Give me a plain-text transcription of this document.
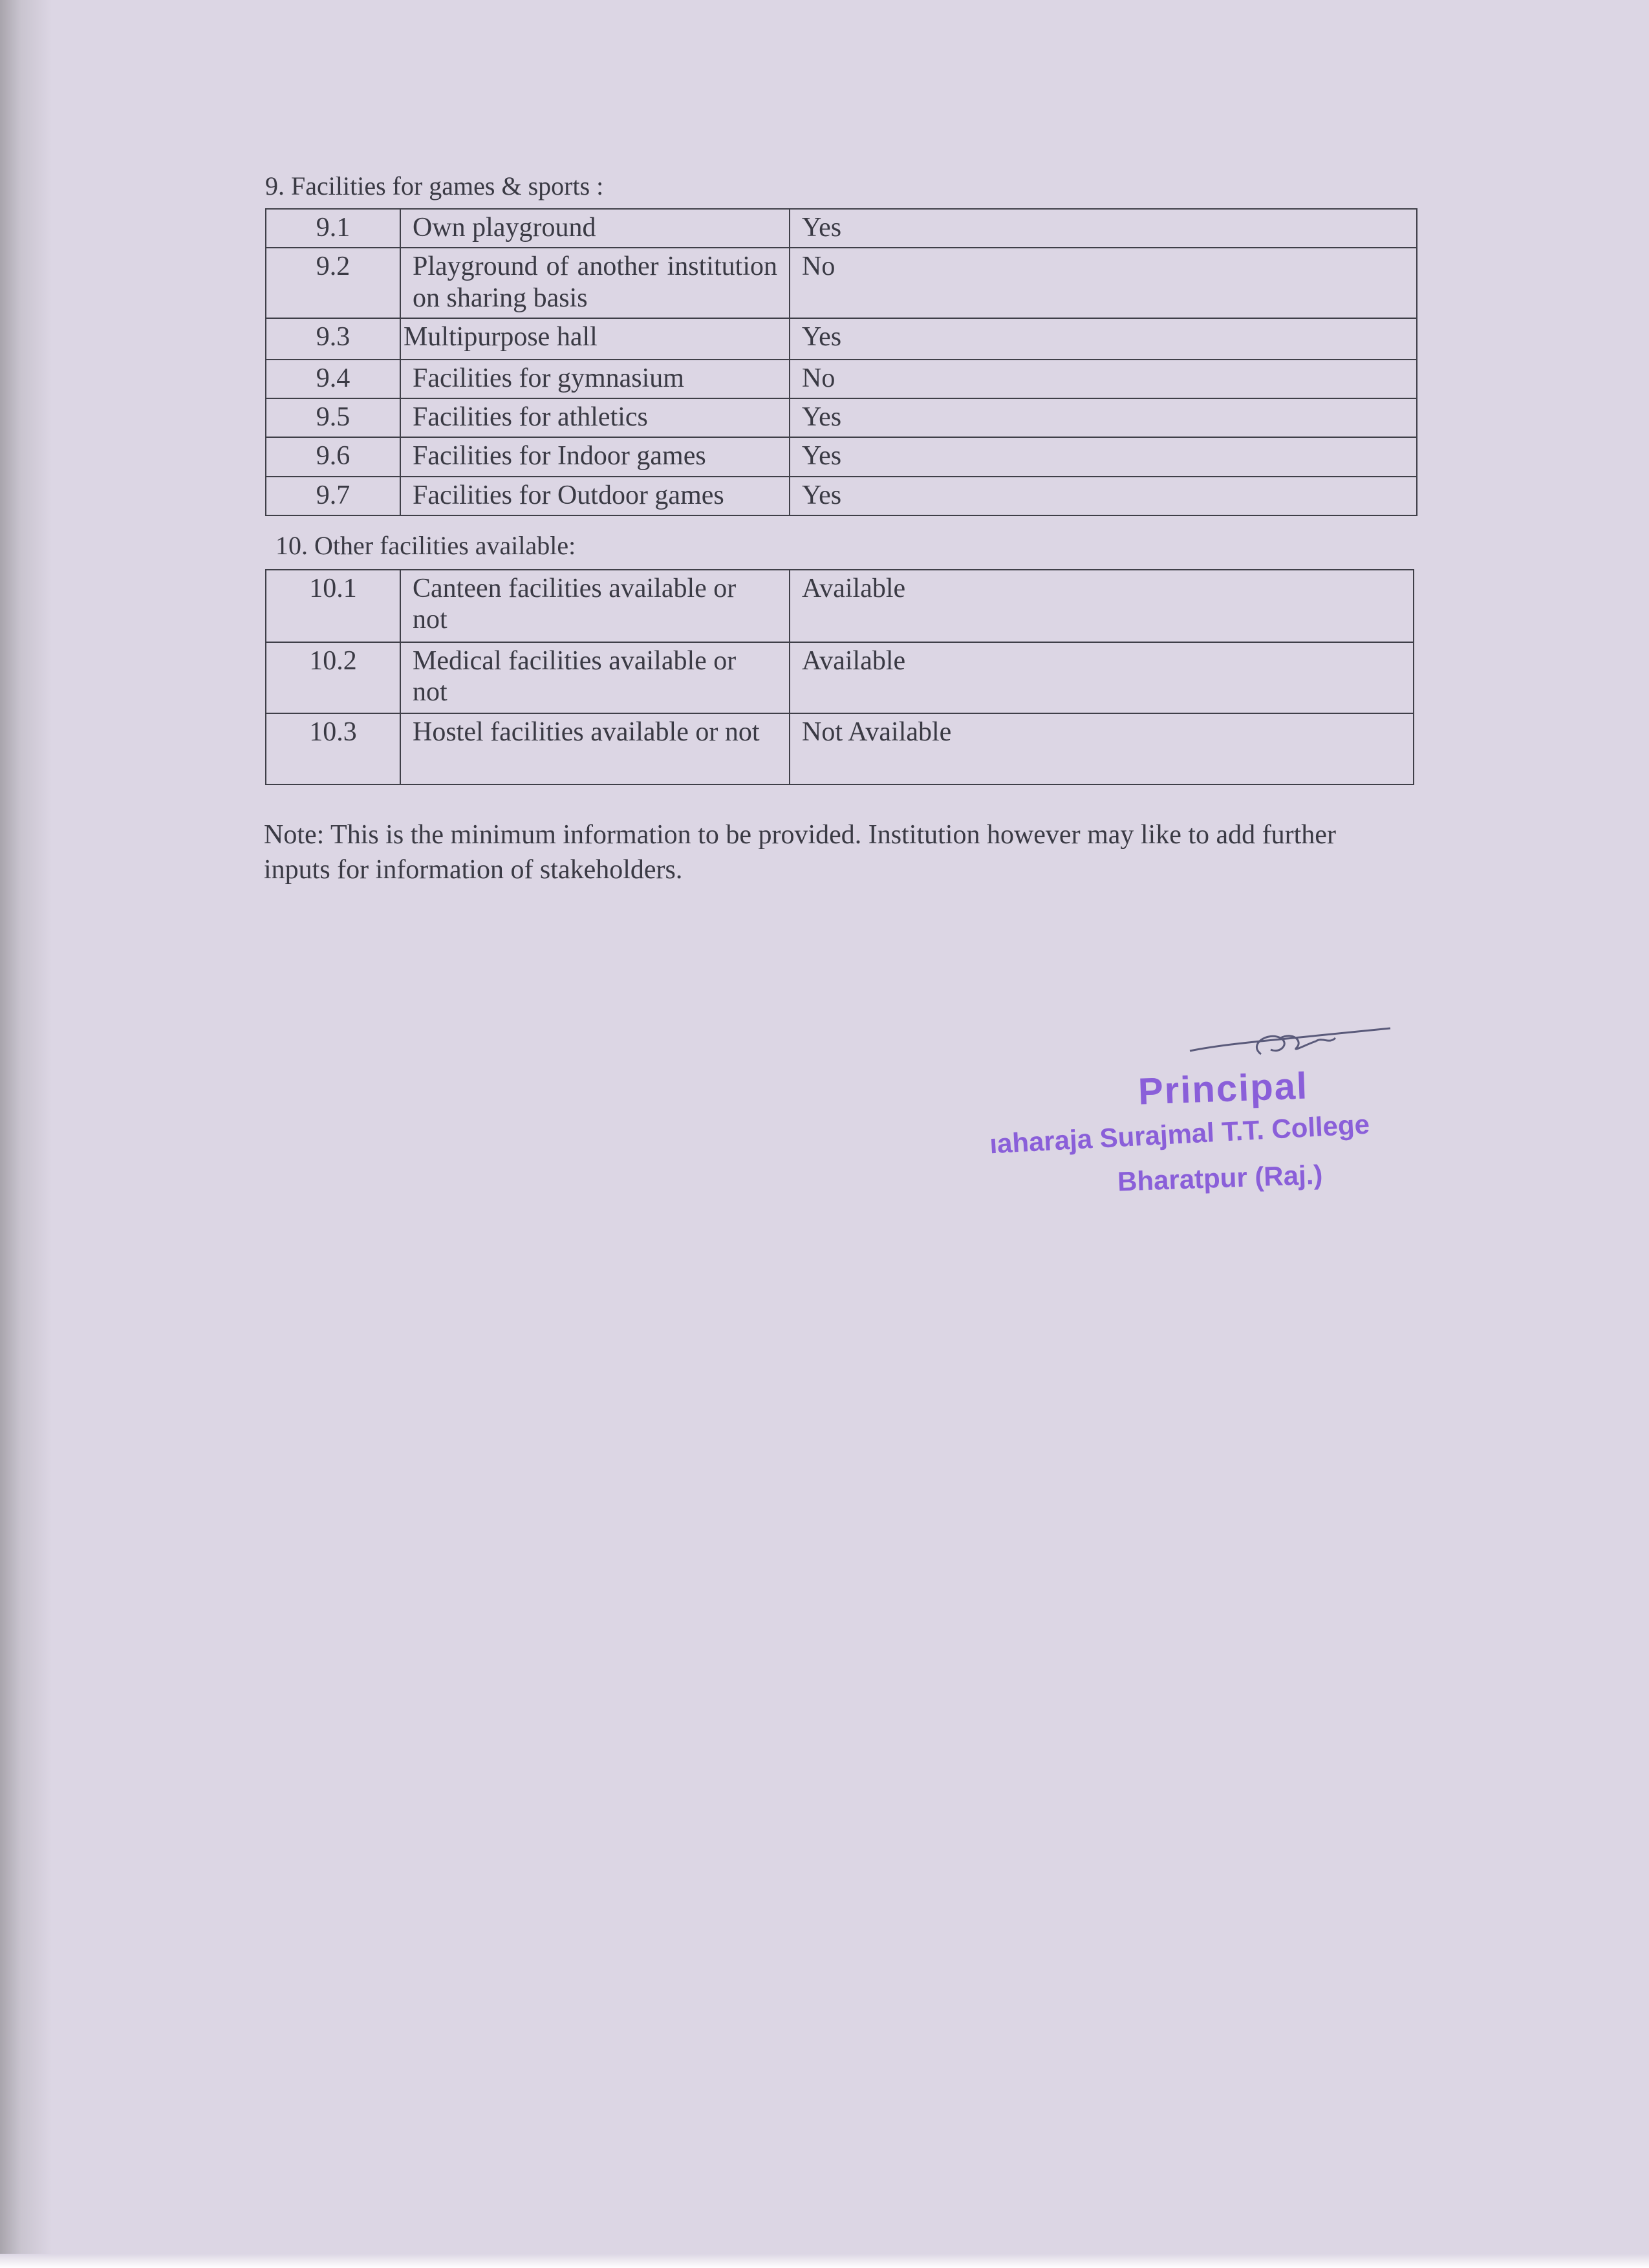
9. Facilities for games & sports :
9.1	Own playground	Yes
9.2	Playground of another institution on sharing basis	No
9.3	Multipurpose hall	Yes
9.4	Facilities for gymnasium	No
9.5	Facilities for athletics	Yes
9.6	Facilities for Indoor games	Yes
9.7	Facilities for Outdoor games	Yes
10. Other facilities available:
10.1	Canteen facilities available or not	Available
10.2	Medical facilities available or not	Available
10.3	Hostel facilities available or not	Not Available
Note: This is the minimum information to be provided. Institution however may like to add further inputs for information of stakeholders.
Principal
ıaharaja Surajmal T.T. College
Bharatpur (Raj.)
